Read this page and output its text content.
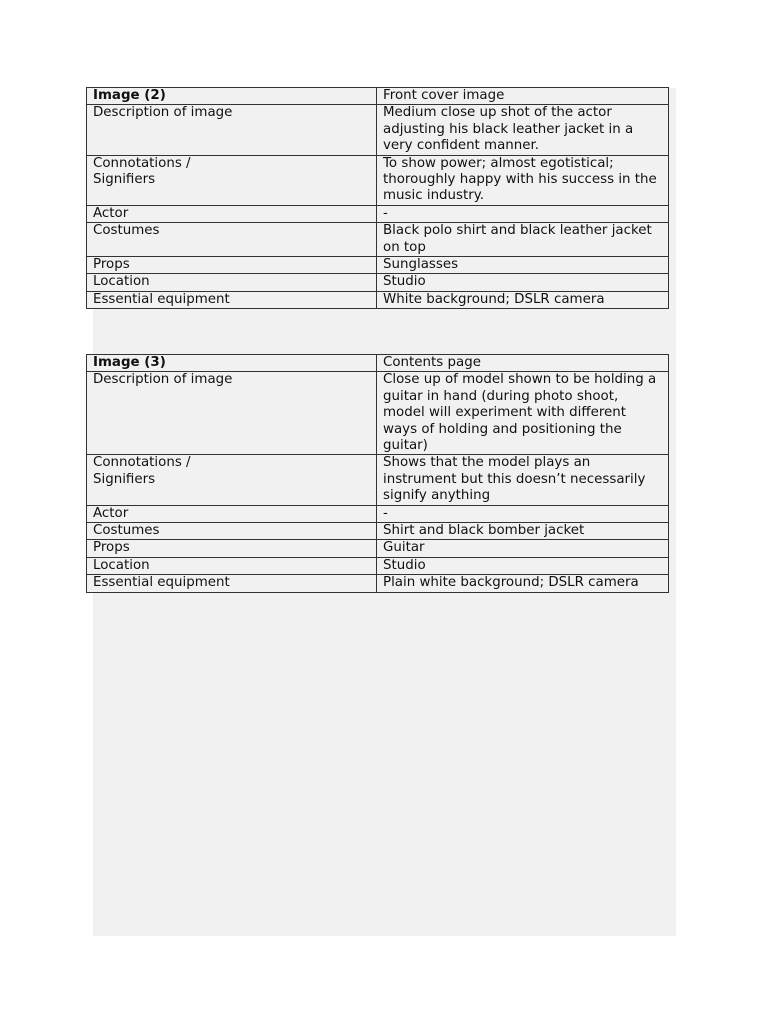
Image (2)	Front cover image
Description of image	Medium close up shot of the actor adjusting his black leather jacket in a very confident manner.
Connotations / Signifiers	To show power; almost egotistical; thoroughly happy with his success in the music industry.
Actor	-
Costumes	Black polo shirt and black leather jacket on top
Props	Sunglasses
Location	Studio
Essential equipment	White background; DSLR camera
Image (3)	Contents page
Description of image	Close up of model shown to be holding a guitar in hand (during photo shoot, model will experiment with different ways of holding and positioning the guitar)
Connotations / Signifiers	Shows that the model plays an instrument but this doesn’t necessarily signify anything
Actor	-
Costumes	Shirt and black bomber jacket
Props	Guitar
Location	Studio
Essential equipment	Plain white background; DSLR camera
